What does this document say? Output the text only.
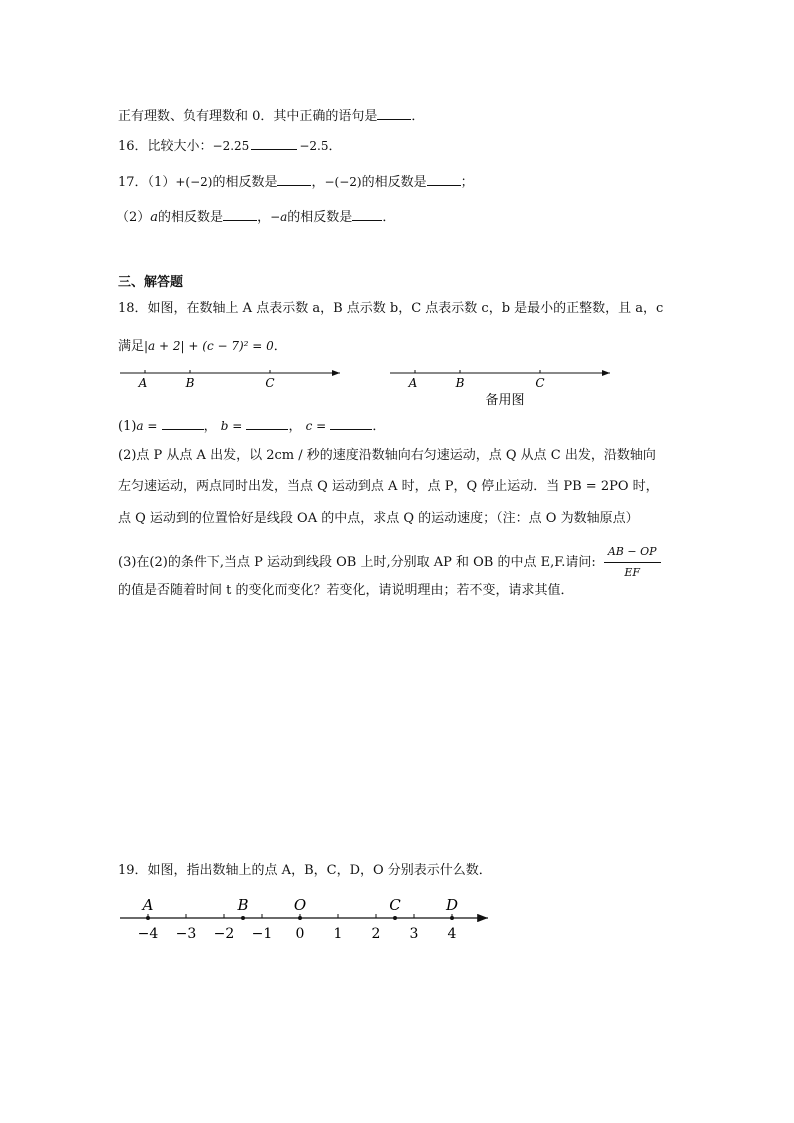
正有理数、负有理数和 0．其中正确的语句是	．
16．比较大小：−2.25	−2.5．
17．（1）+(−2)的相反数是	，−(−2)的相反数是	；
（2）a的相反数是	，−a的相反数是 ．
三、解答题
18．如图，在数轴上 A 点表示数 a，B 点示数 b，C 点表示数 c，b 是最小的正整数，且 a，c
满足|a + 2| + (c − 7)² = 0．
A	B	C	A	B	C
备用图
(1)a =	， b =	， c =	．
(2)点 P 从点 A 出发，以 2cm / 秒的速度沿数轴向右匀速运动，点 Q 从点 C 出发，沿数轴向
左匀速运动，两点同时出发，当点 Q 运动到点 A 时，点 P，Q 停止运动．当 PB = 2PO 时，
点 Q 运动到的位置恰好是线段 OA 的中点，求点 Q 的运动速度；（注：点 O 为数轴原点）
(3)在(2)的条件下,当点 P 运动到线段 OB 上时,分别取 AP 和 OB 的中点 E,F.请问: $\frac{AB - OP}{EF}$
的值是否随着时间 t 的变化而变化？若变化，请说明理由；若不变，请求其值．
19．如图，指出数轴上的点 A，B，C，D，O 分别表示什么数．
−4 −3 −2 −1 0 1 2 3 4
A	B	O	C	D
